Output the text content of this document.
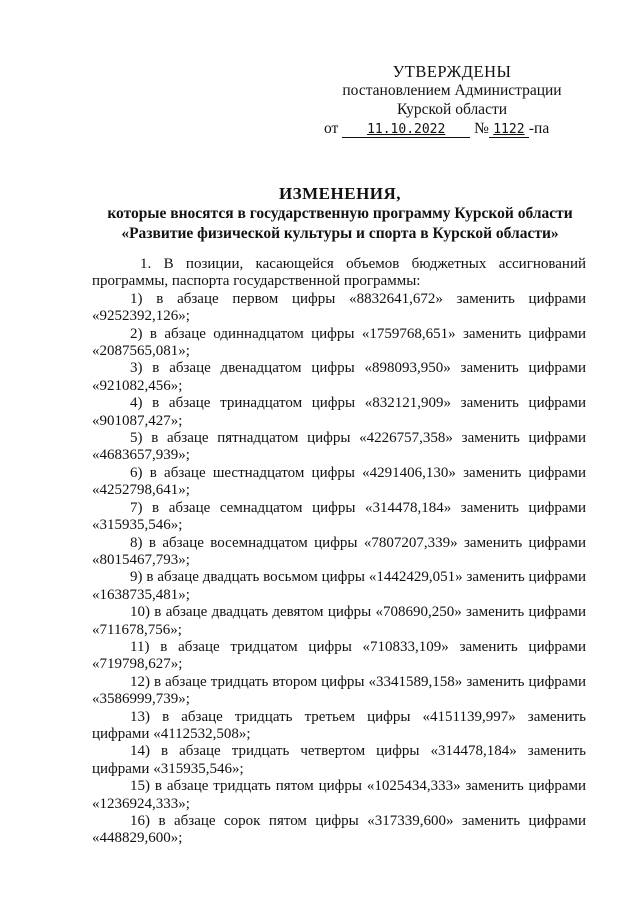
УТВЕРЖДЕНЫ
постановлением Администрации
Курской области
от 11.10.2022 № 1122 -па
ИЗМЕНЕНИЯ,
которые вносятся в государственную программу Курской области
«Развитие физической культуры и спорта в Курской области»

1. В позиции, касающейся объемов бюджетных ассигнований программы, паспорта государственной программы:

1) в абзаце первом цифры «8832641,672» заменить цифрами «9252392,126»;

2) в абзаце одиннадцатом цифры «1759768,651» заменить цифрами «2087565,081»;

3) в абзаце двенадцатом цифры «898093,950» заменить цифрами «921082,456»;

4) в абзаце тринадцатом цифры «832121,909» заменить цифрами «901087,427»;

5) в абзаце пятнадцатом цифры «4226757,358» заменить цифрами «4683657,939»;

6) в абзаце шестнадцатом цифры «4291406,130» заменить цифрами «4252798,641»;

7) в абзаце семнадцатом цифры «314478,184» заменить цифрами «315935,546»;

8) в абзаце восемнадцатом цифры «7807207,339» заменить цифрами «8015467,793»;

9) в абзаце двадцать восьмом цифры «1442429,051» заменить цифрами «1638735,481»;

10) в абзаце двадцать девятом цифры «708690,250» заменить цифрами «711678,756»;

11) в абзаце тридцатом цифры «710833,109» заменить цифрами «719798,627»;

12) в абзаце тридцать втором цифры «3341589,158» заменить цифрами «3586999,739»;

13) в абзаце тридцать третьем цифры «4151139,997» заменить цифрами «4112532,508»;

14) в абзаце тридцать четвертом цифры «314478,184» заменить цифрами «315935,546»;

15) в абзаце тридцать пятом цифры «1025434,333» заменить цифрами «1236924,333»;

16) в абзаце сорок пятом цифры «317339,600» заменить цифрами «448829,600»;
